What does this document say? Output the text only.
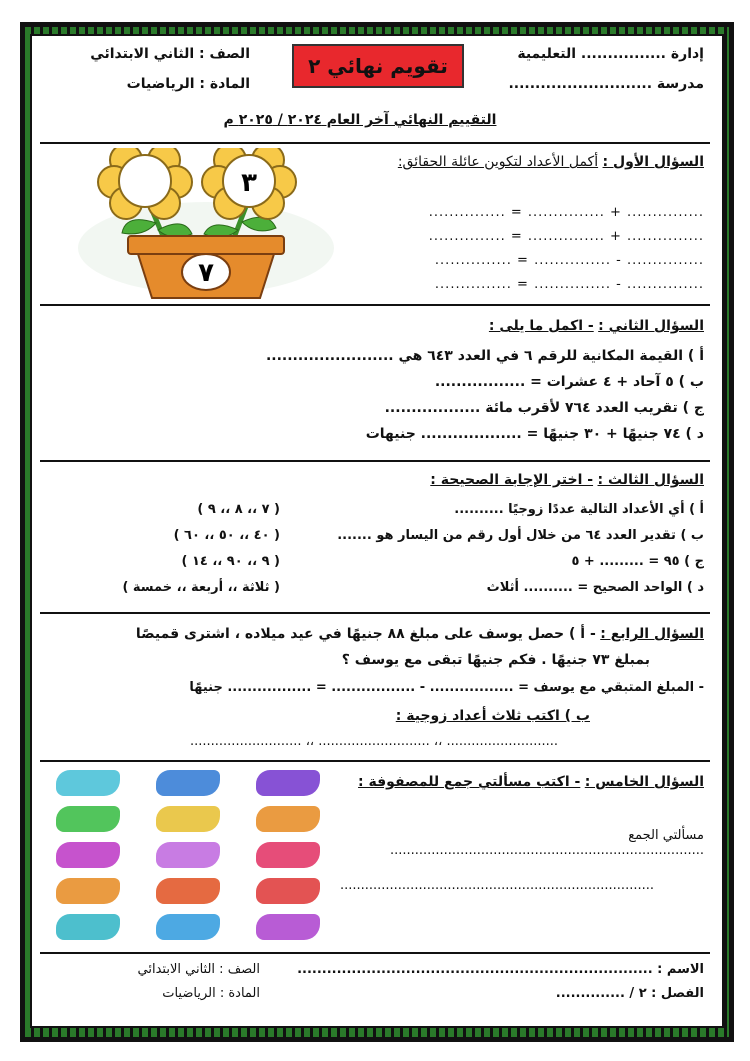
إدارة ................ التعليمية
مدرسة ...........................
الصف : الثاني الابتدائي
المادة : الرياضيات
تقويم نهائي ٢
التقييم النهائي آخر العام ٢٠٢٤ / ٢٠٢٥ م
السؤال الأول : أكمل الأعداد لتكوين عائلة الحقائق:
............... + ............... = ...............
............... + ............... = ...............
............... - ............... = ...............
............... - ............... = ...............
٣
٧
السؤال الثاني : - اكمل ما يلى :
أ ) القيمة المكانية للرقم ٦ في العدد ٦٤٣ هي ........................
ب ) ٥ آحاد + ٤ عشرات = .................
ج ) تقريب العدد ٧٦٤ لأقرب مائة ..................
د ) ٧٤ جنيهًا + ٣٠ جنيهًا = ................... جنيهات
السؤال الثالث : - اختر الإجابة الصحيحة :
أ ) أي الأعداد التالية عددًا زوجيًا ..........
( ٧ ،، ٨ ،، ٩ )
ب ) تقدير العدد ٦٤ من خلال أول رقم من اليسار هو .......
( ٤٠ ،، ٥٠ ،، ٦٠ )
ج ) ٩٥ = ......... + ٥
( ٩ ،، ٩٠ ،، ١٤ )
د ) الواحد الصحيح = .......... أثلاث
( ثلاثة ،، أربعة ،، خمسة )
السؤال الرابع : - أ ) حصل يوسف على مبلغ ٨٨ جنيهًا في عيد ميلاده ، اشترى قميصًا
بمبلغ ٧٣ جنيهًا . فكم جنيهًا تبقى مع يوسف ؟
- المبلغ المتبقي مع يوسف = ................. - ................. = ................. جنيهًا
ب ) اكتب ثلاث أعداد زوجية :
........................... ،، ........................... ،، ...........................
السؤال الخامس : - اكتب مسألتي جمع للمصفوفة :
مسألتي الجمع ............................................................................
............................................................................
الاسم : ........................................................................
الفصل : ٢ / ..............
الصف : الثاني الابتدائي
المادة : الرياضيات
